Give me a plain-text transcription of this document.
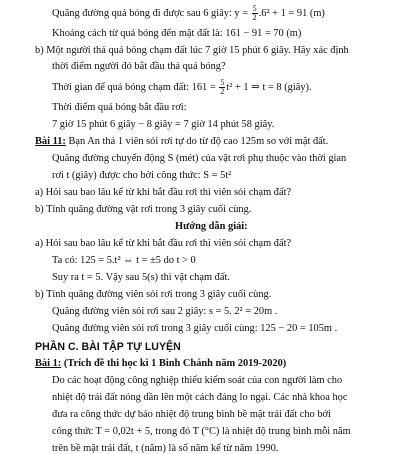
Quãng đường quả bóng đi được sau 6 giây: $y = \frac{5}{2} .6^2 + 1 = 91$ (m)
Khoảng cách từ quả bóng đến mặt đất là: 161 − 91 = 70 (m)
b) Một người thả quả bóng chạm đất lúc 7 giờ 15 phút 6 giây. Hãy xác định
thời điểm người đó bắt đầu thả quả bóng?
Thời gian để quả bóng chạm đất: $161 = \frac{5}{2} t^2 + 1$ ⇒ t = 8 (giây).
Thời điểm quả bóng bắt đầu rơi:
7 giờ 15 phút 6 giây − 8 giây = 7 giờ 14 phút 58 giây.
Bài 11: Bạn An thả 1 viên sỏi rơi tự do từ độ cao 125m so với mặt đất.
Quãng đường chuyển động S (mét) của vật rơi phụ thuộc vào thời gian
rơi t (giây) được cho bởi công thức: S = 5t²
a) Hỏi sau bao lâu kể từ khi bắt đầu rơi thì viên sỏi chạm đất?
b) Tính quãng đường vật rơi trong 3 giây cuối cùng.
Hướng dẫn giải:
a) Hỏi sau bao lâu kể từ khi bắt đầu rơi thì viên sỏi chạm đất?
Ta có: 125 = 5.t² ⇔ t = ±5 do t > 0
Suy ra t = 5. Vậy sau 5(s) thì vật chạm đất.
b) Tính quãng đường viên sỏi rơi trong 3 giây cuối cùng.
Quãng đường viên sỏi rơi sau 2 giây: s = 5. 2² = 20m .
Quãng đường viên sỏi rơi trong 3 giây cuối cùng: 125 − 20 = 105m .
PHẦN C. BÀI TẬP TỰ LUYỆN
Bài 1: (Trích đề thi học kì 1 Bình Chánh năm 2019-2020)
Do các hoạt động công nghiệp thiếu kiểm soát của con người làm cho
nhiệt độ trái đất nóng dần lên một cách đáng lo ngại. Các nhà khoa học
đưa ra công thức dự báo nhiệt độ trung bình bề mặt trái đất cho bởi
công thức T = 0,02t + 5, trong đó T (°C) là nhiệt độ trung bình mỗi năm
trên bề mặt trái đất, t (năm) là số năm kể từ năm 1990.
